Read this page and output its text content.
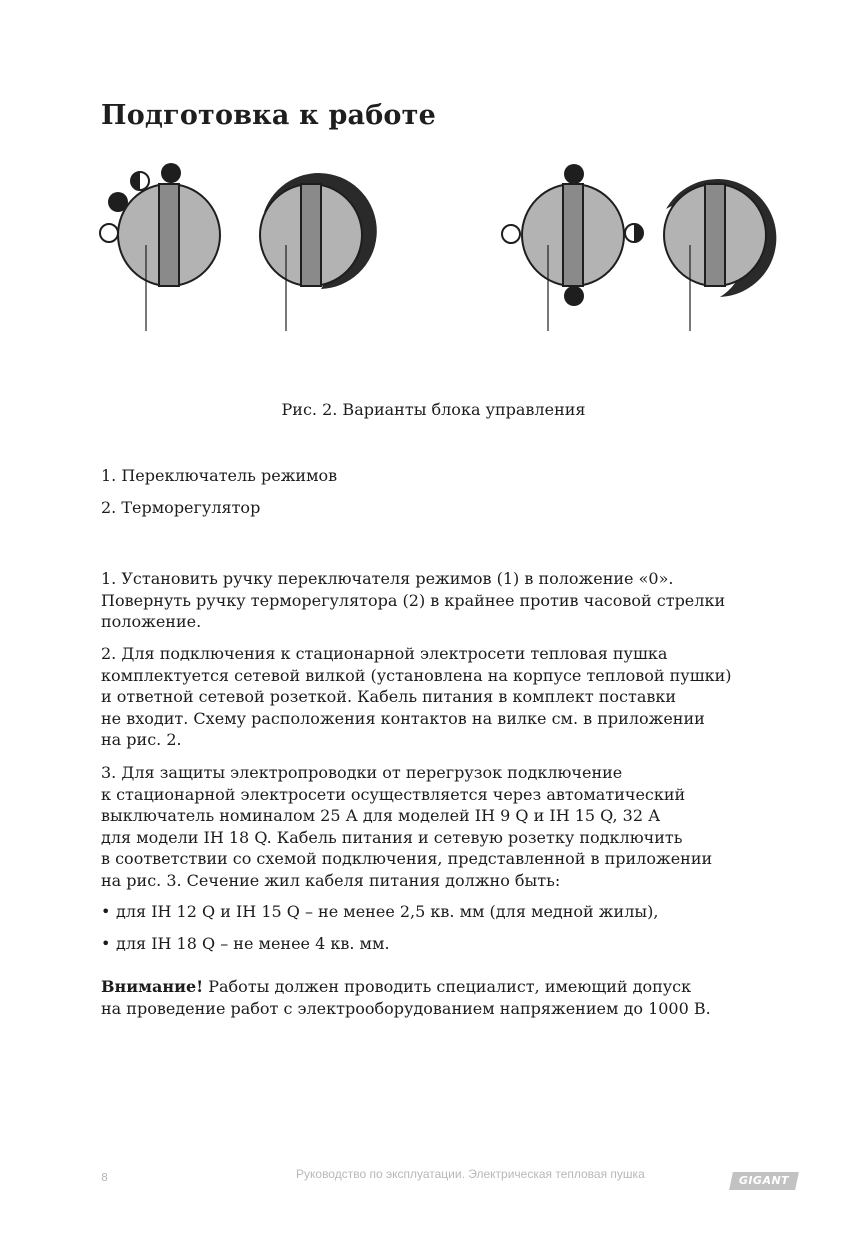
Подготовка к работе
Рис. 2. Варианты блока управления
1. Переключатель режимов
2. Терморегулятор
1. Установить ручку переключателя режимов (1) в положение «0».
Повернуть ручку терморегулятора (2) в крайнее против часовой стрелки
положение.
2. Для подключения к стационарной электросети тепловая пушка
комплектуется сетевой вилкой (установлена на корпусе тепловой пушки)
и ответной сетевой розеткой. Кабель питания в комплект поставки
не входит. Схему расположения контактов на вилке см. в приложении
на рис. 2.
3. Для защиты электропроводки от перегрузок подключение
к стационарной электросети осуществляется через автоматический
выключатель номиналом 25 А для моделей IH 9 Q и IH 15 Q, 32 А
для модели IH 18 Q. Кабель питания и сетевую розетку подключить
в соответствии со схемой подключения, представленной в приложении
на рис. 3. Сечение жил кабеля питания должно быть:
• для IH 12 Q и IH 15 Q – не менее 2,5 кв. мм (для медной жилы),
• для IH 18 Q – не менее 4 кв. мм.
Внимание! Работы должен проводить специалист, имеющий допуск
на проведение работ с электрооборудованием напряжением до 1000 В.
8	Руководство по эксплуатации. Электрическая тепловая пушка	GIGANT
